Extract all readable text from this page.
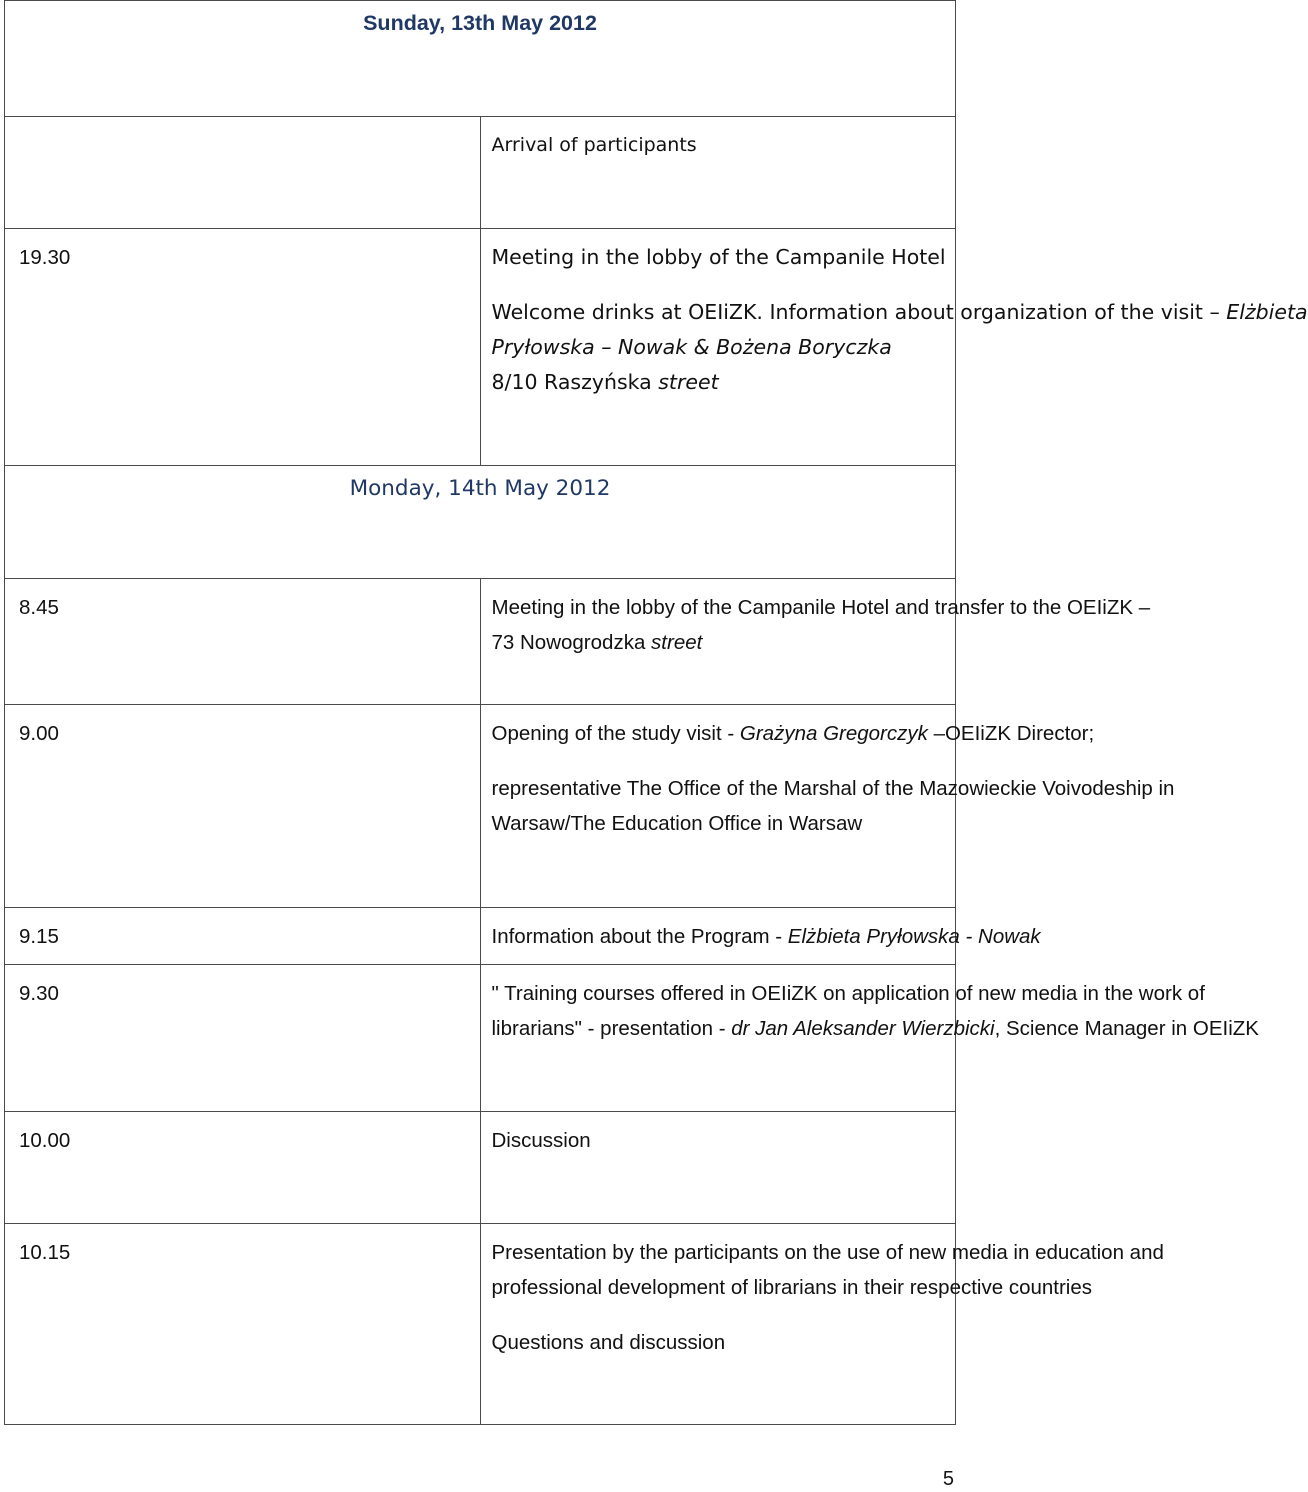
Sunday, 13th May 2012	

	Arrival of participants

19.30	Meeting in the lobby of the Campanile Hotel
Welcome drinks at OEIiZK. Information about organization of the visit – Elżbieta
Pryłowska – Nowak & Bożena Boryczka
8/10 Raszyńska street

Monday, 14th May 2012	
8.45	Meeting in the lobby of the Campanile Hotel and transfer to the OEIiZK –
73 Nowogrodzka street

9.00	Opening of the study visit - Grażyna Gregorczyk –OEIiZK Director;
representative The Office of the Marshal of the Mazowieckie Voivodeship in
Warsaw/The Education Office in Warsaw

9.15	Information about the Program - Elżbieta Pryłowska - Nowak

9.30	" Training courses offered in OEIiZK on application of new media in the work of
librarians" - presentation - dr Jan Aleksander Wierzbicki, Science Manager in OEIiZK

10.00	Discussion

10.15	Presentation by the participants on the use of new media in education and
professional development of librarians in their respective countries
Questions and discussion
5
